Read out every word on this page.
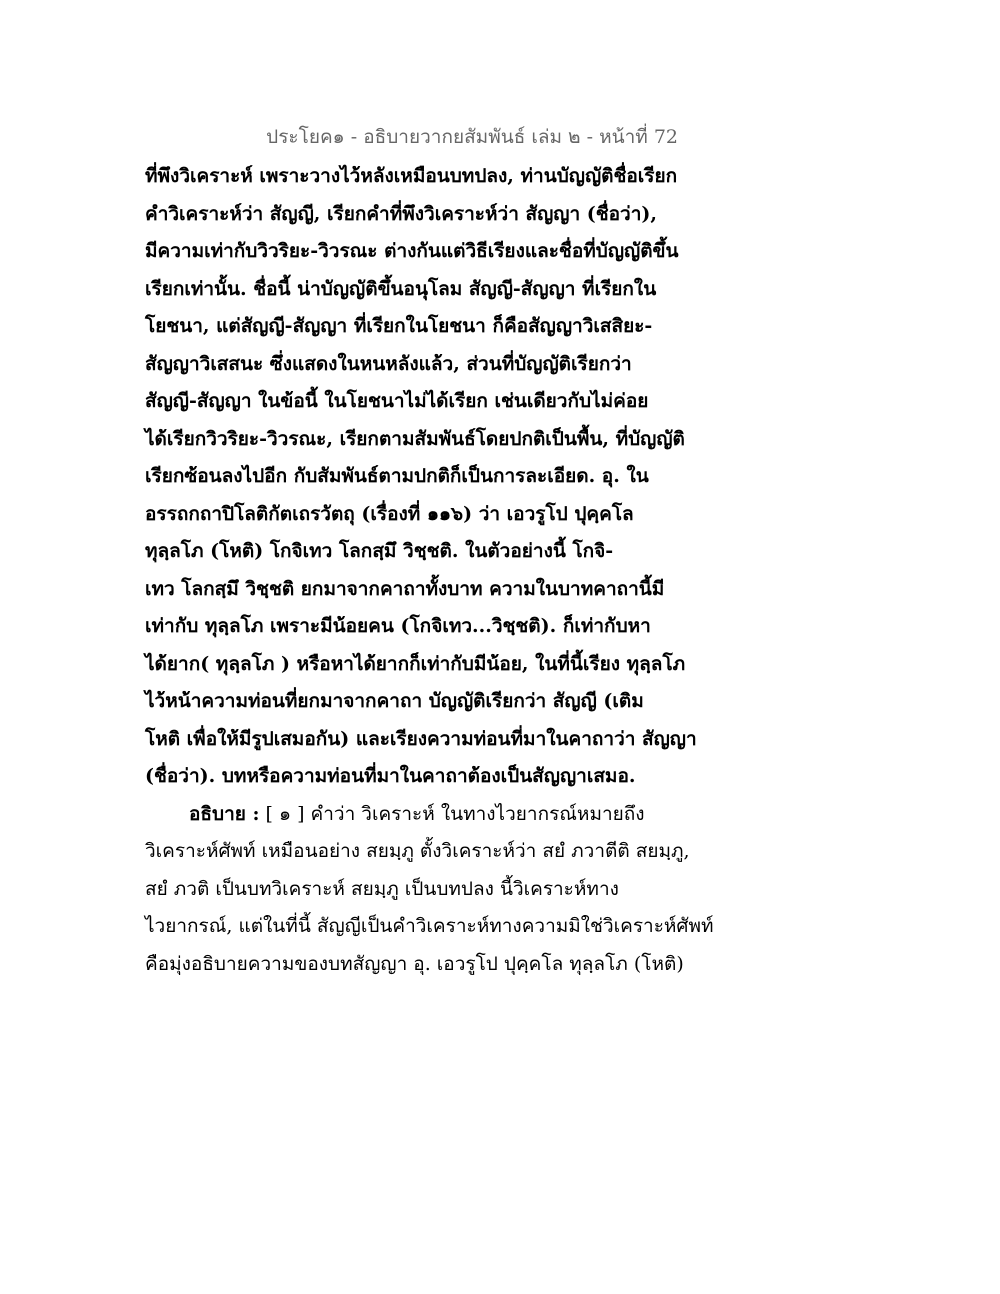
ประโยค๑ - อธิบายวากยสัมพันธ์ เล่ม ๒ - หน้าที่ 72
ที่พึงวิเคราะห์ เพราะวางไว้หลังเหมือนบทปลง, ท่านบัญญัติชื่อเรียก
คำวิเคราะห์ว่า สัญญี, เรียกคำที่พึงวิเคราะห์ว่า สัญญา (ชื่อว่า),
มีความเท่ากับวิวริยะ-วิวรณะ ต่างกันแต่วิธีเรียงและชื่อที่บัญญัติขึ้น
เรียกเท่านั้น. ชื่อนี้ น่าบัญญัติขึ้นอนุโลม สัญญี-สัญญา ที่เรียกใน
โยชนา, แต่สัญญี-สัญญา ที่เรียกในโยชนา ก็คือสัญญาวิเสสิยะ-
สัญญาวิเสสนะ ซึ่งแสดงในหนหลังแล้ว, ส่วนที่บัญญัติเรียกว่า
สัญญี-สัญญา ในข้อนี้ ในโยชนาไม่ได้เรียก เช่นเดียวกับไม่ค่อย
ได้เรียกวิวริยะ-วิวรณะ, เรียกตามสัมพันธ์โดยปกติเป็นพื้น, ที่บัญญัติ
เรียกซ้อนลงไปอีก กับสัมพันธ์ตามปกติก็เป็นการละเอียด. อุ. ใน
อรรถกถาปิโลติกัตเถรวัตถุ (เรื่องที่ ๑๑๖) ว่า เอวรูโป ปุคฺคโล
ทุลฺลโภ (โหติ) โกจิเทว โลกสฺมึ วิชฺชติ. ในตัวอย่างนี้ โกจิ-
เทว โลกสฺมึ วิชฺชติ ยกมาจากคาถาทั้งบาท ความในบาทคาถานี้มี
เท่ากับ ทุลฺลโภ เพราะมีน้อยคน (โกจิเทว...วิชฺชติ). ก็เท่ากับหา
ได้ยาก( ทุลฺลโภ ) หรือหาได้ยากก็เท่ากับมีน้อย, ในที่นี้เรียง ทุลฺลโภ
ไว้หน้าความท่อนที่ยกมาจากคาถา บัญญัติเรียกว่า สัญญี (เติม
โหติ เพื่อให้มีรูปเสมอกัน) และเรียงความท่อนที่มาในคาถาว่า สัญญา
(ชื่อว่า). บทหรือความท่อนที่มาในคาถาต้องเป็นสัญญาเสมอ.
อธิบาย : [ ๑ ] คำว่า วิเคราะห์ ในทางไวยากรณ์หมายถึง
วิเคราะห์ศัพท์ เหมือนอย่าง สยมฺภู ตั้งวิเคราะห์ว่า สยํ ภวาตีติ สยมฺภู,
สยํ ภวติ เป็นบทวิเคราะห์ สยมฺภู เป็นบทปลง นี้วิเคราะห์ทาง
ไวยากรณ์, แต่ในที่นี้ สัญญีเป็นคำวิเคราะห์ทางความมิใช่วิเคราะห์ศัพท์
คือมุ่งอธิบายความของบทสัญญา อุ. เอวรูโป ปุคฺคโล ทุลฺลโภ (โหติ)
